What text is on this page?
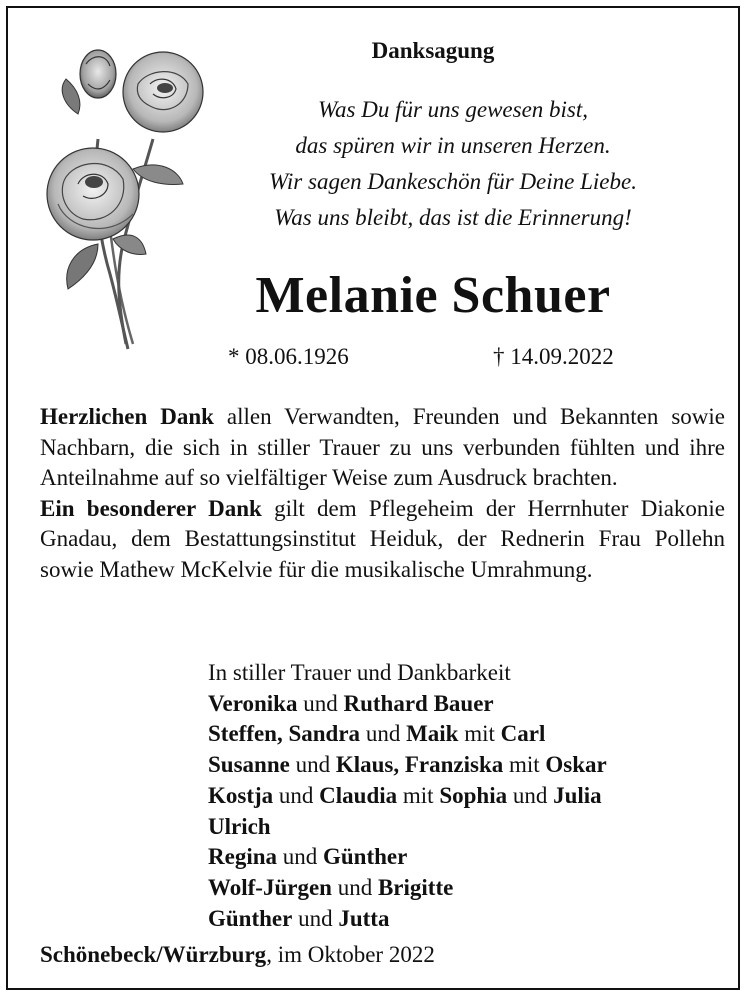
Danksagung
Was Du für uns gewesen bist,
das spüren wir in unseren Herzen.
Wir sagen Dankeschön für Deine Liebe.
Was uns bleibt, das ist die Erinnerung!
Melanie Schuer
* 08.06.1926	† 14.09.2022

Herzlichen Dank allen Verwandten, Freunden und Bekannten sowie Nachbarn, die sich in stiller Trauer zu uns verbunden fühlten und ihre Anteilnahme auf so vielfältiger Weise zum Ausdruck brachten.

Ein besonderer Dank gilt dem Pflegeheim der Herrnhuter Diakonie Gnadau, dem Bestattungsinstitut Heiduk, der Rednerin Frau Pollehn sowie Mathew McKelvie für die musikalische Umrahmung.

In stiller Trauer und Dankbarkeit
Veronika und Ruthard Bauer
Steffen, Sandra und Maik mit Carl
Susanne und Klaus, Franziska mit Oskar
Kostja und Claudia mit Sophia und Julia
Ulrich
Regina und Günther
Wolf-Jürgen und Brigitte
Günther und Jutta
Schönebeck/Würzburg, im Oktober 2022
